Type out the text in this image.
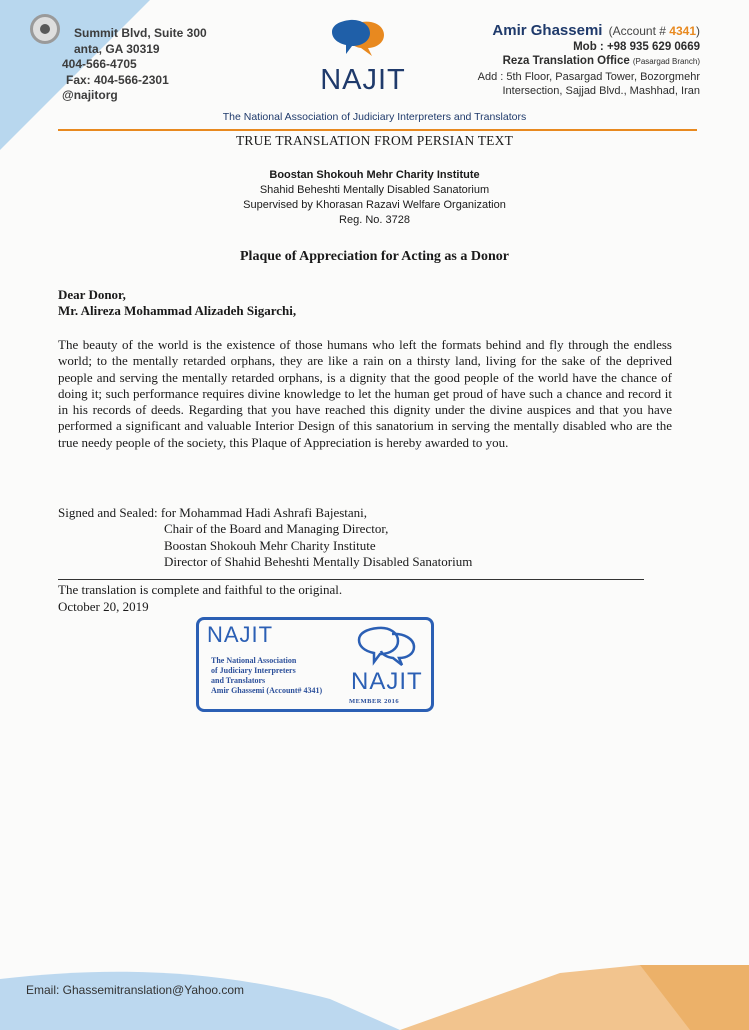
Summit Blvd, Suite 300
anta, GA 30319
404-566-4705
Fax: 404-566-2301
@najitorg	NAJIT
Amir Ghassemi (Account # 4341)
Mob : +98 935 629 0669
Reza Translation Office (Pasargad Branch)
Add : 5th Floor, Pasargad Tower, Bozorgmehr
Intersection, Sajjad Blvd., Mashhad, Iran
The National Association of Judiciary Interpreters and Translators
TRUE TRANSLATION FROM PERSIAN TEXT
Boostan Shokouh Mehr Charity Institute
Shahid Beheshti Mentally Disabled Sanatorium
Supervised by Khorasan Razavi Welfare Organization
Reg. No. 3728
Plaque of Appreciation for Acting as a Donor
Dear Donor,
Mr. Alireza Mohammad Alizadeh Sigarchi,
The beauty of the world is the existence of those humans who left the formats behind and fly through the endless world; to the mentally retarded orphans, they are like a rain on a thirsty land, living for the sake of the deprived people and serving the mentally retarded orphans, is a dignity that the good people of the world have the chance of doing it; such performance requires divine knowledge to let the human get proud of have such a chance and record it in his records of deeds. Regarding that you have reached this dignity under the divine auspices and that you have performed a significant and valuable Interior Design of this sanatorium in serving the mentally disabled who are the true needy people of the society, this Plaque of Appreciation is hereby awarded to you.
Signed and Sealed: for Mohammad Hadi Ashrafi Bajestani,
Chair of the Board and Managing Director,
Boostan Shokouh Mehr Charity Institute
Director of Shahid Beheshti Mentally Disabled Sanatorium
The translation is complete and faithful to the original.
October 20, 2019
NAJIT
The National Association
of Judiciary Interpreters
and Translators
Amir Ghassemi (Account# 4341) NAJIT
MEMBER 2016
Email: Ghassemitranslation@Yahoo.com
